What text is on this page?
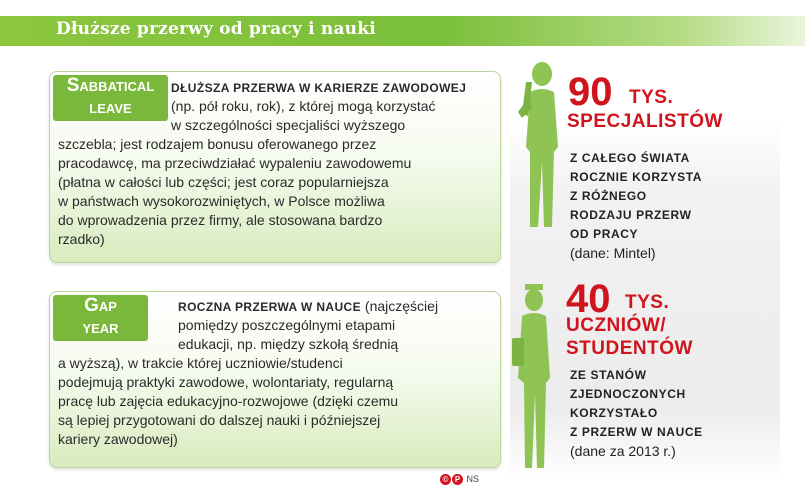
Dłuższe przerwy od pracy i nauki
Sabbatical
leave
DŁUŻSZA PRZERWA W KARIERZE ZAWODOWEJ
(np. pół roku, rok), z której mogą korzystać
w szczególności specjaliści wyższego
szczebla; jest rodzajem bonusu oferowanego przez
pracodawcę, ma przeciwdziałać wypaleniu zawodowemu
(płatna w całości lub części; jest coraz popularniejsza
w państwach wysokorozwiniętych, w Polsce możliwa
do wprowadzenia przez firmy, ale stosowana bardzo
rzadko)
Gap
year
ROCZNA PRZERWA W NAUCE (najczęściej
pomiędzy poszczególnymi etapami
edukacji, np. między szkołą średnią
a wyższą), w trakcie której uczniowie/studenci
podejmują praktyki zawodowe, wolontariaty, regularną
pracę lub zajęcia edukacyjno-rozwojowe (dzięki czemu
są lepiej przygotowani do dalszej nauki i późniejszej
kariery zawodowej)
90 TYS.
SPECJALISTÓW
Z CAŁEGO ŚWIATA
ROCZNIE KORZYSTA
Z RÓŻNEGO
RODZAJU PRZERW
OD PRACY
(dane: Mintel)
40 TYS.
UCZNIÓW/
STUDENTÓW
ZE STANÓW
ZJEDNOCZONYCH
KORZYSTAŁO
Z PRZERW W NAUCE
(dane za 2013 r.)
© P NS
